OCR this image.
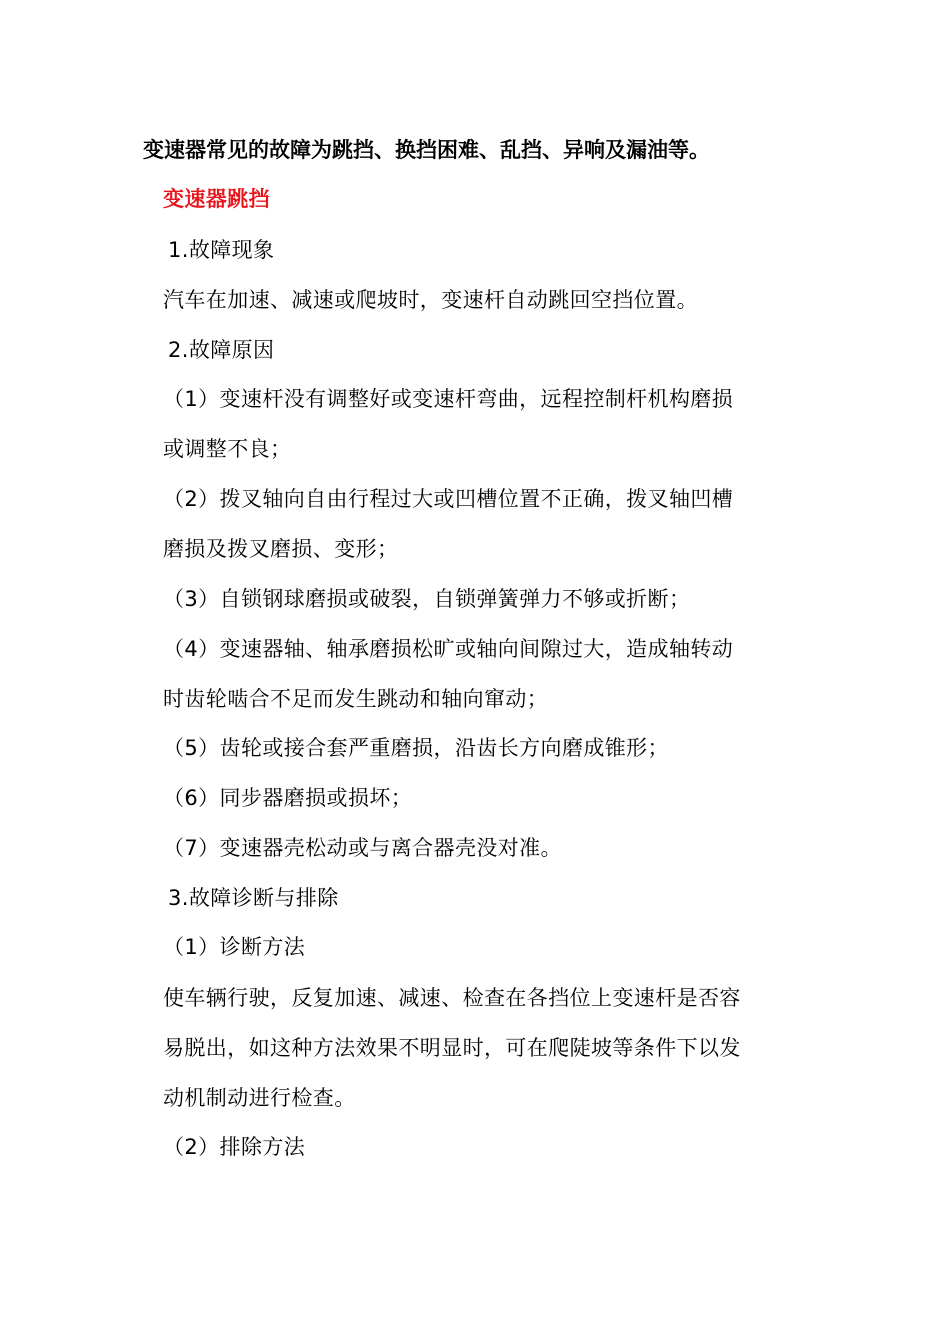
变速器常见的故障为跳挡、换挡困难、乱挡、异响及漏油等。
变速器跳挡
1.故障现象
汽车在加速、减速或爬坡时，变速杆自动跳回空挡位置。
2.故障原因
（1）变速杆没有调整好或变速杆弯曲，远程控制杆机构磨损
或调整不良；
（2）拨叉轴向自由行程过大或凹槽位置不正确，拨叉轴凹槽
磨损及拨叉磨损、变形；
（3）自锁钢球磨损或破裂，自锁弹簧弹力不够或折断；
（4）变速器轴、轴承磨损松旷或轴向间隙过大，造成轴转动
时齿轮啮合不足而发生跳动和轴向窜动；
（5）齿轮或接合套严重磨损，沿齿长方向磨成锥形；
（6）同步器磨损或损坏；
（7）变速器壳松动或与离合器壳没对准。
3.故障诊断与排除
（1）诊断方法
使车辆行驶，反复加速、减速、检查在各挡位上变速杆是否容
易脱出，如这种方法效果不明显时，可在爬陡坡等条件下以发
动机制动进行检查。
（2）排除方法
